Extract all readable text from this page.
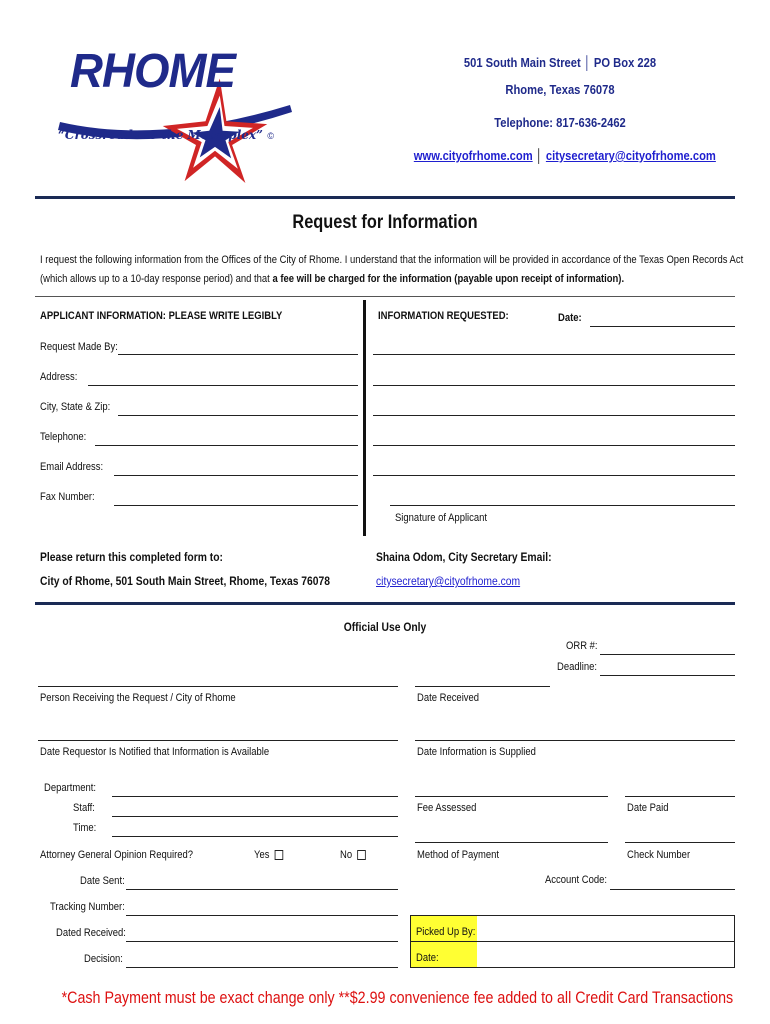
RHOME
“Crossroads to the Metroplex” ©
501 South Main Street │ PO Box 228
Rhome, Texas 76078
Telephone: 817-636-2462
www.cityofrhome.com │ citysecretary@cityofrhome.com
Request for Information
I request the following information from the Offices of the City of Rhome. I understand that the information will be provided in accordance of the Texas Open Records Act
(which allows up to a 10-day response period) and that a fee will be charged for the information (payable upon receipt of information).
APPLICANT INFORMATION: PLEASE WRITE LEGIBLY
Request Made By:
Address:
City, State & Zip:
Telephone:
Email Address:
Fax Number:
INFORMATION REQUESTED:	Date:
Signature of Applicant
Please return this completed form to:
City of Rhome, 501 South Main Street, Rhome, Texas 76078
Shaina Odom, City Secretary Email:
citysecretary@cityofrhome.com
Official Use Only
ORR #:
Deadline:
Person Receiving the Request / City of Rhome	Date Received
Date Requestor Is Notified that Information is Available	Date Information is Supplied
Department:
Staff:
Time:
Fee Assessed	Date Paid
Attorney General Opinion Required?	Yes	No	Method of Payment	Check Number
Date Sent:	Account Code:
Tracking Number:
Dated Received:
Decision:
Picked Up By:
Date:
*Cash Payment must be exact change only **$2.99 convenience fee added to all Credit Card Transactions
